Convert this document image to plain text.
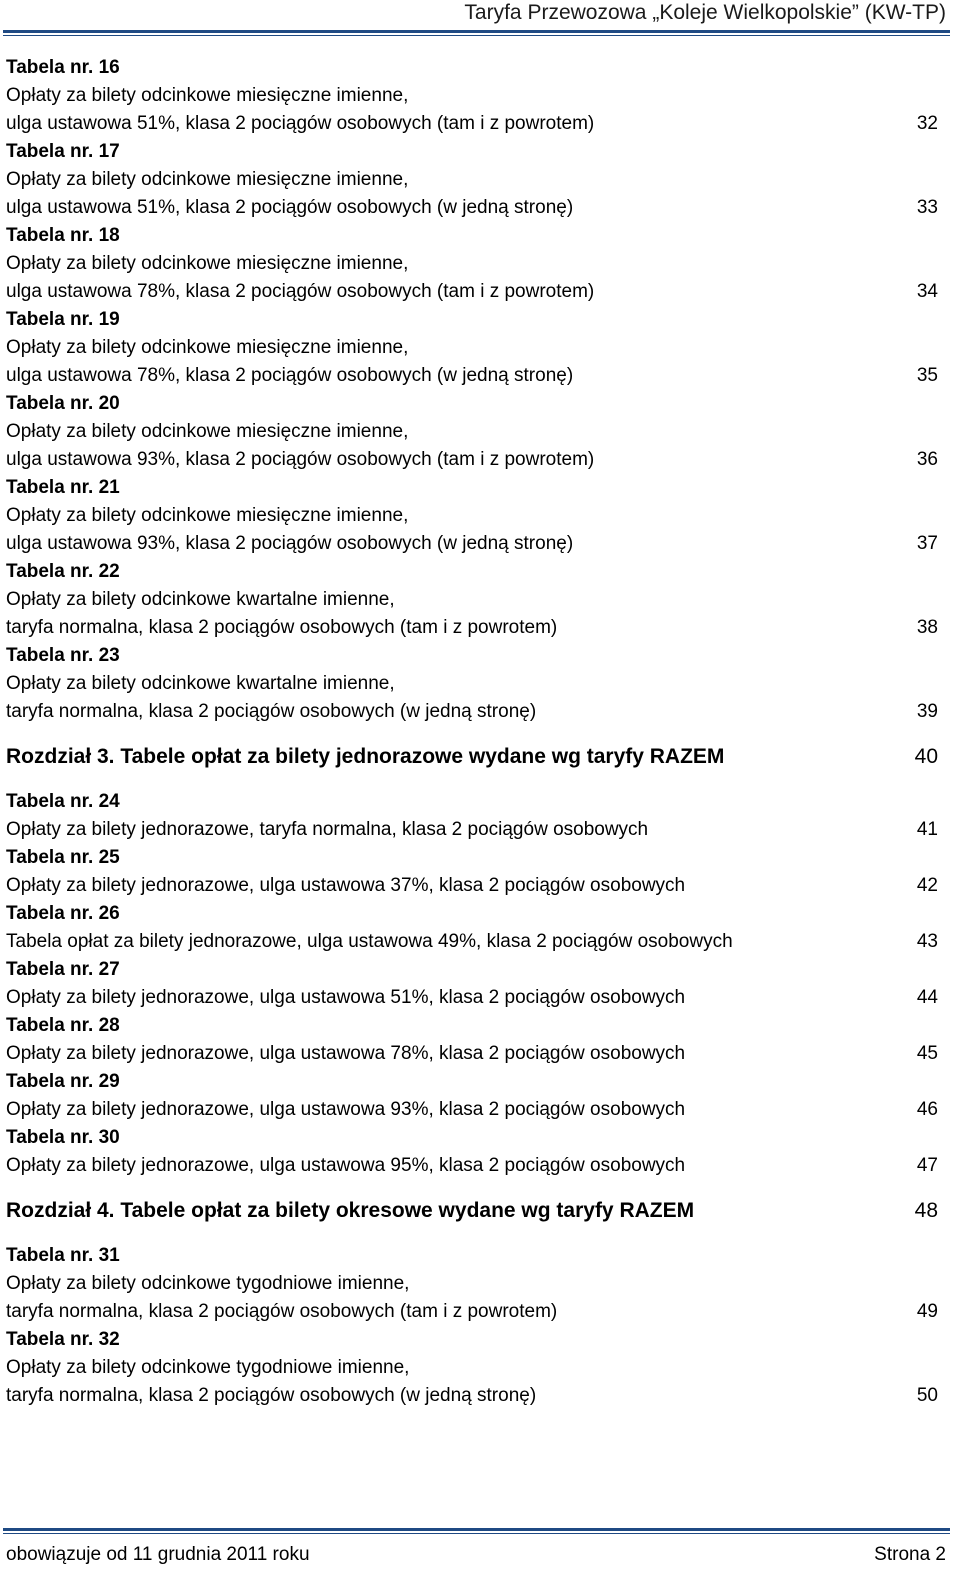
Taryfa Przewozowa „Koleje Wielkopolskie” (KW-TP)
Tabela nr. 16
Opłaty za bilety odcinkowe miesięczne imienne,
ulga ustawowa 51%, klasa 2 pociągów osobowych (tam i z powrotem)	32
Tabela nr. 17
Opłaty za bilety odcinkowe miesięczne imienne,
ulga ustawowa 51%, klasa 2 pociągów osobowych (w jedną stronę)	33
Tabela nr. 18
Opłaty za bilety odcinkowe miesięczne imienne,
ulga ustawowa 78%, klasa 2 pociągów osobowych (tam i z powrotem)	34
Tabela nr. 19
Opłaty za bilety odcinkowe miesięczne imienne,
ulga ustawowa 78%, klasa 2 pociągów osobowych (w jedną stronę)	35
Tabela nr. 20
Opłaty za bilety odcinkowe miesięczne imienne,
ulga ustawowa 93%, klasa 2 pociągów osobowych (tam i z powrotem)	36
Tabela nr. 21
Opłaty za bilety odcinkowe miesięczne imienne,
ulga ustawowa 93%, klasa 2 pociągów osobowych (w jedną stronę)	37
Tabela nr. 22
Opłaty za bilety odcinkowe kwartalne imienne,
taryfa normalna, klasa 2 pociągów osobowych (tam i z powrotem)	38
Tabela nr. 23
Opłaty za bilety odcinkowe kwartalne imienne,
taryfa normalna, klasa 2 pociągów osobowych (w jedną stronę)	39
Rozdział 3. Tabele opłat za bilety jednorazowe wydane wg taryfy RAZEM	40
Tabela nr. 24
Opłaty za bilety jednorazowe, taryfa normalna, klasa 2 pociągów osobowych	41
Tabela nr. 25
Opłaty za bilety jednorazowe, ulga ustawowa 37%, klasa 2 pociągów osobowych	42
Tabela nr. 26
Tabela opłat za bilety jednorazowe, ulga ustawowa 49%, klasa 2 pociągów osobowych	43
Tabela nr. 27
Opłaty za bilety jednorazowe, ulga ustawowa 51%, klasa 2 pociągów osobowych	44
Tabela nr. 28
Opłaty za bilety jednorazowe, ulga ustawowa 78%, klasa 2 pociągów osobowych	45
Tabela nr. 29
Opłaty za bilety jednorazowe, ulga ustawowa 93%, klasa 2 pociągów osobowych	46
Tabela nr. 30
Opłaty za bilety jednorazowe, ulga ustawowa 95%, klasa 2 pociągów osobowych	47
Rozdział 4. Tabele opłat za bilety okresowe wydane wg taryfy RAZEM	48
Tabela nr. 31
Opłaty za bilety odcinkowe tygodniowe imienne,
taryfa normalna, klasa 2 pociągów osobowych (tam i z powrotem)	49
Tabela nr. 32
Opłaty za bilety odcinkowe tygodniowe imienne,
taryfa normalna, klasa 2 pociągów osobowych (w jedną stronę)	50
obowiązuje od 11 grudnia 2011 roku	Strona 2
